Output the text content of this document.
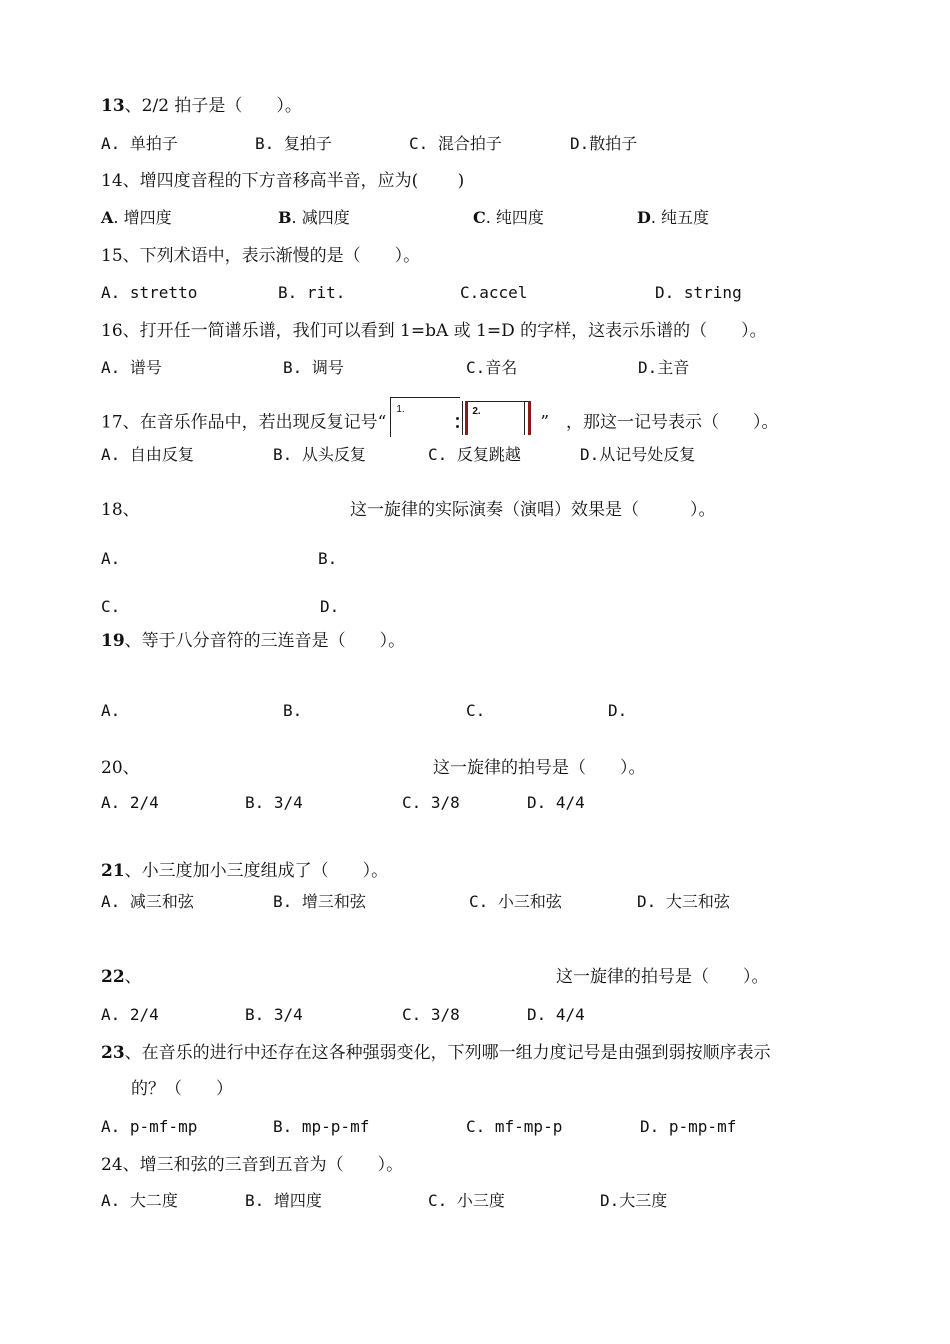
13、2/2 拍子是（　　）。
A. 单拍子	B. 复拍子	C. 混合拍子	D.散拍子
14、增四度音程的下方音移高半音，应为(　　 )
A. 增四度	B. 减四度	C. 纯四度	D. 纯五度
15、下列术语中，表示渐慢的是（　　）。
A. stretto	B. rit.	C.accel	D. string
16、打开任一简谱乐谱，我们可以看到 1=bA 或 1=D 的字样，这表示乐谱的（　　）。
A. 谱号	B. 调号	C.音名	D.主音
17、在音乐作品中，若出现反复记号“
1.	2.
”　，那这一记号表示（　　）。
A. 自由反复	B. 从头反复	C. 反复跳越	D.从记号处反复
18、	这一旋律的实际演奏（演唱）效果是（　　　）。
A.	B.
C.	D.
19、等于八分音符的三连音是（　　）。
A.	B.	C.	D.
20、	这一旋律的拍号是（　　）。
A. 2/4	B. 3/4	C. 3/8	D. 4/4
21、小三度加小三度组成了（　　）。
A. 减三和弦	B. 增三和弦	C. 小三和弦	D. 大三和弦
22、	这一旋律的拍号是（　　）。
A. 2/4	B. 3/4	C. 3/8	D. 4/4
23、在音乐的进行中还存在这各种强弱变化，下列哪一组力度记号是由强到弱按顺序表示
的？（　　）
A. p-mf-mp	B. mp-p-mf	C. mf-mp-p	D. p-mp-mf
24、增三和弦的三音到五音为（　　）。
A. 大二度	B. 增四度	C. 小三度	D.大三度
